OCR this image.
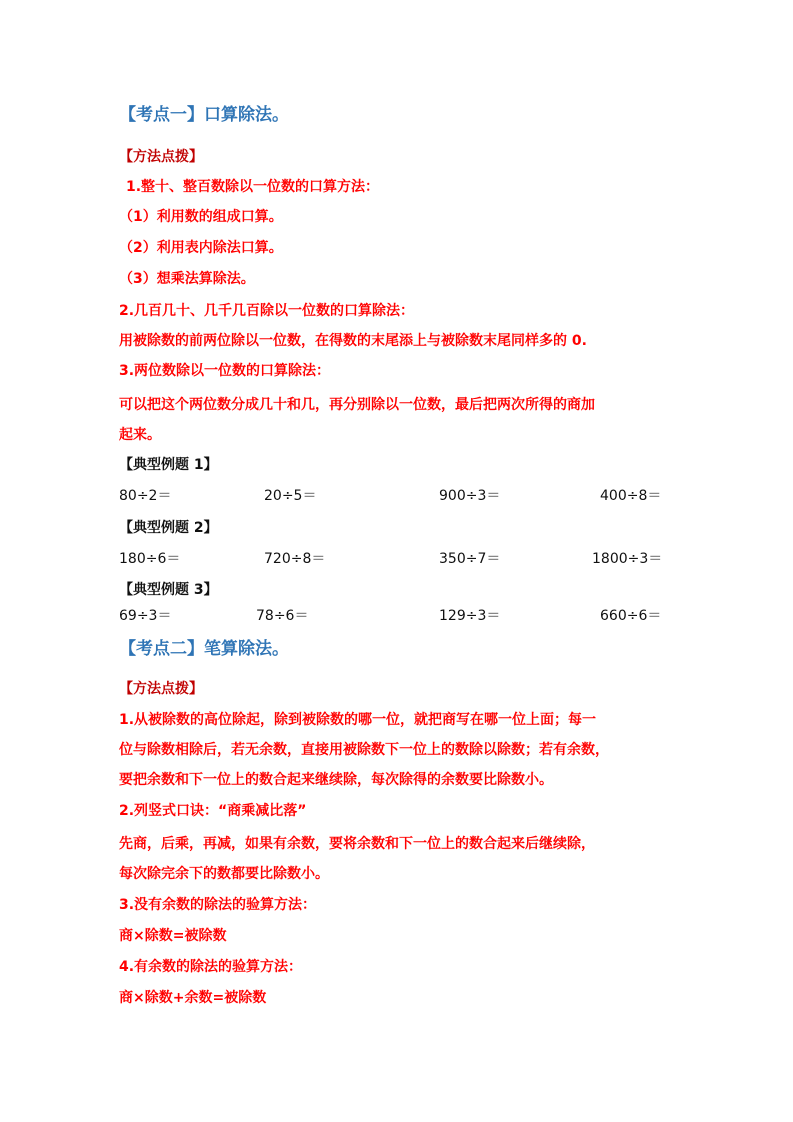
【考点一】口算除法。
【方法点拨】
1.整十、整百数除以一位数的口算方法：
（1）利用数的组成口算。
（2）利用表内除法口算。
（3）想乘法算除法。
2.几百几十、几千几百除以一位数的口算除法：
用被除数的前两位除以一位数，在得数的末尾添上与被除数末尾同样多的 0.
3.两位数除以一位数的口算除法：
可以把这个两位数分成几十和几，再分别除以一位数，最后把两次所得的商加
起来。
【典型例题 1】
80÷2＝	20÷5＝	900÷3＝	400÷8＝
【典型例题 2】
180÷6＝	720÷8＝	350÷7＝	1800÷3＝
【典型例题 3】
69÷3＝	78÷6＝	129÷3＝	660÷6＝
【考点二】笔算除法。
【方法点拨】
1.从被除数的高位除起，除到被除数的哪一位，就把商写在哪一位上面；每一
位与除数相除后，若无余数，直接用被除数下一位上的数除以除数；若有余数，
要把余数和下一位上的数合起来继续除，每次除得的余数要比除数小。
2.列竖式口诀：“商乘减比落”
先商，后乘，再减，如果有余数，要将余数和下一位上的数合起来后继续除，
每次除完余下的数都要比除数小。
3.没有余数的除法的验算方法：
商×除数=被除数
4.有余数的除法的验算方法：
商×除数+余数=被除数
